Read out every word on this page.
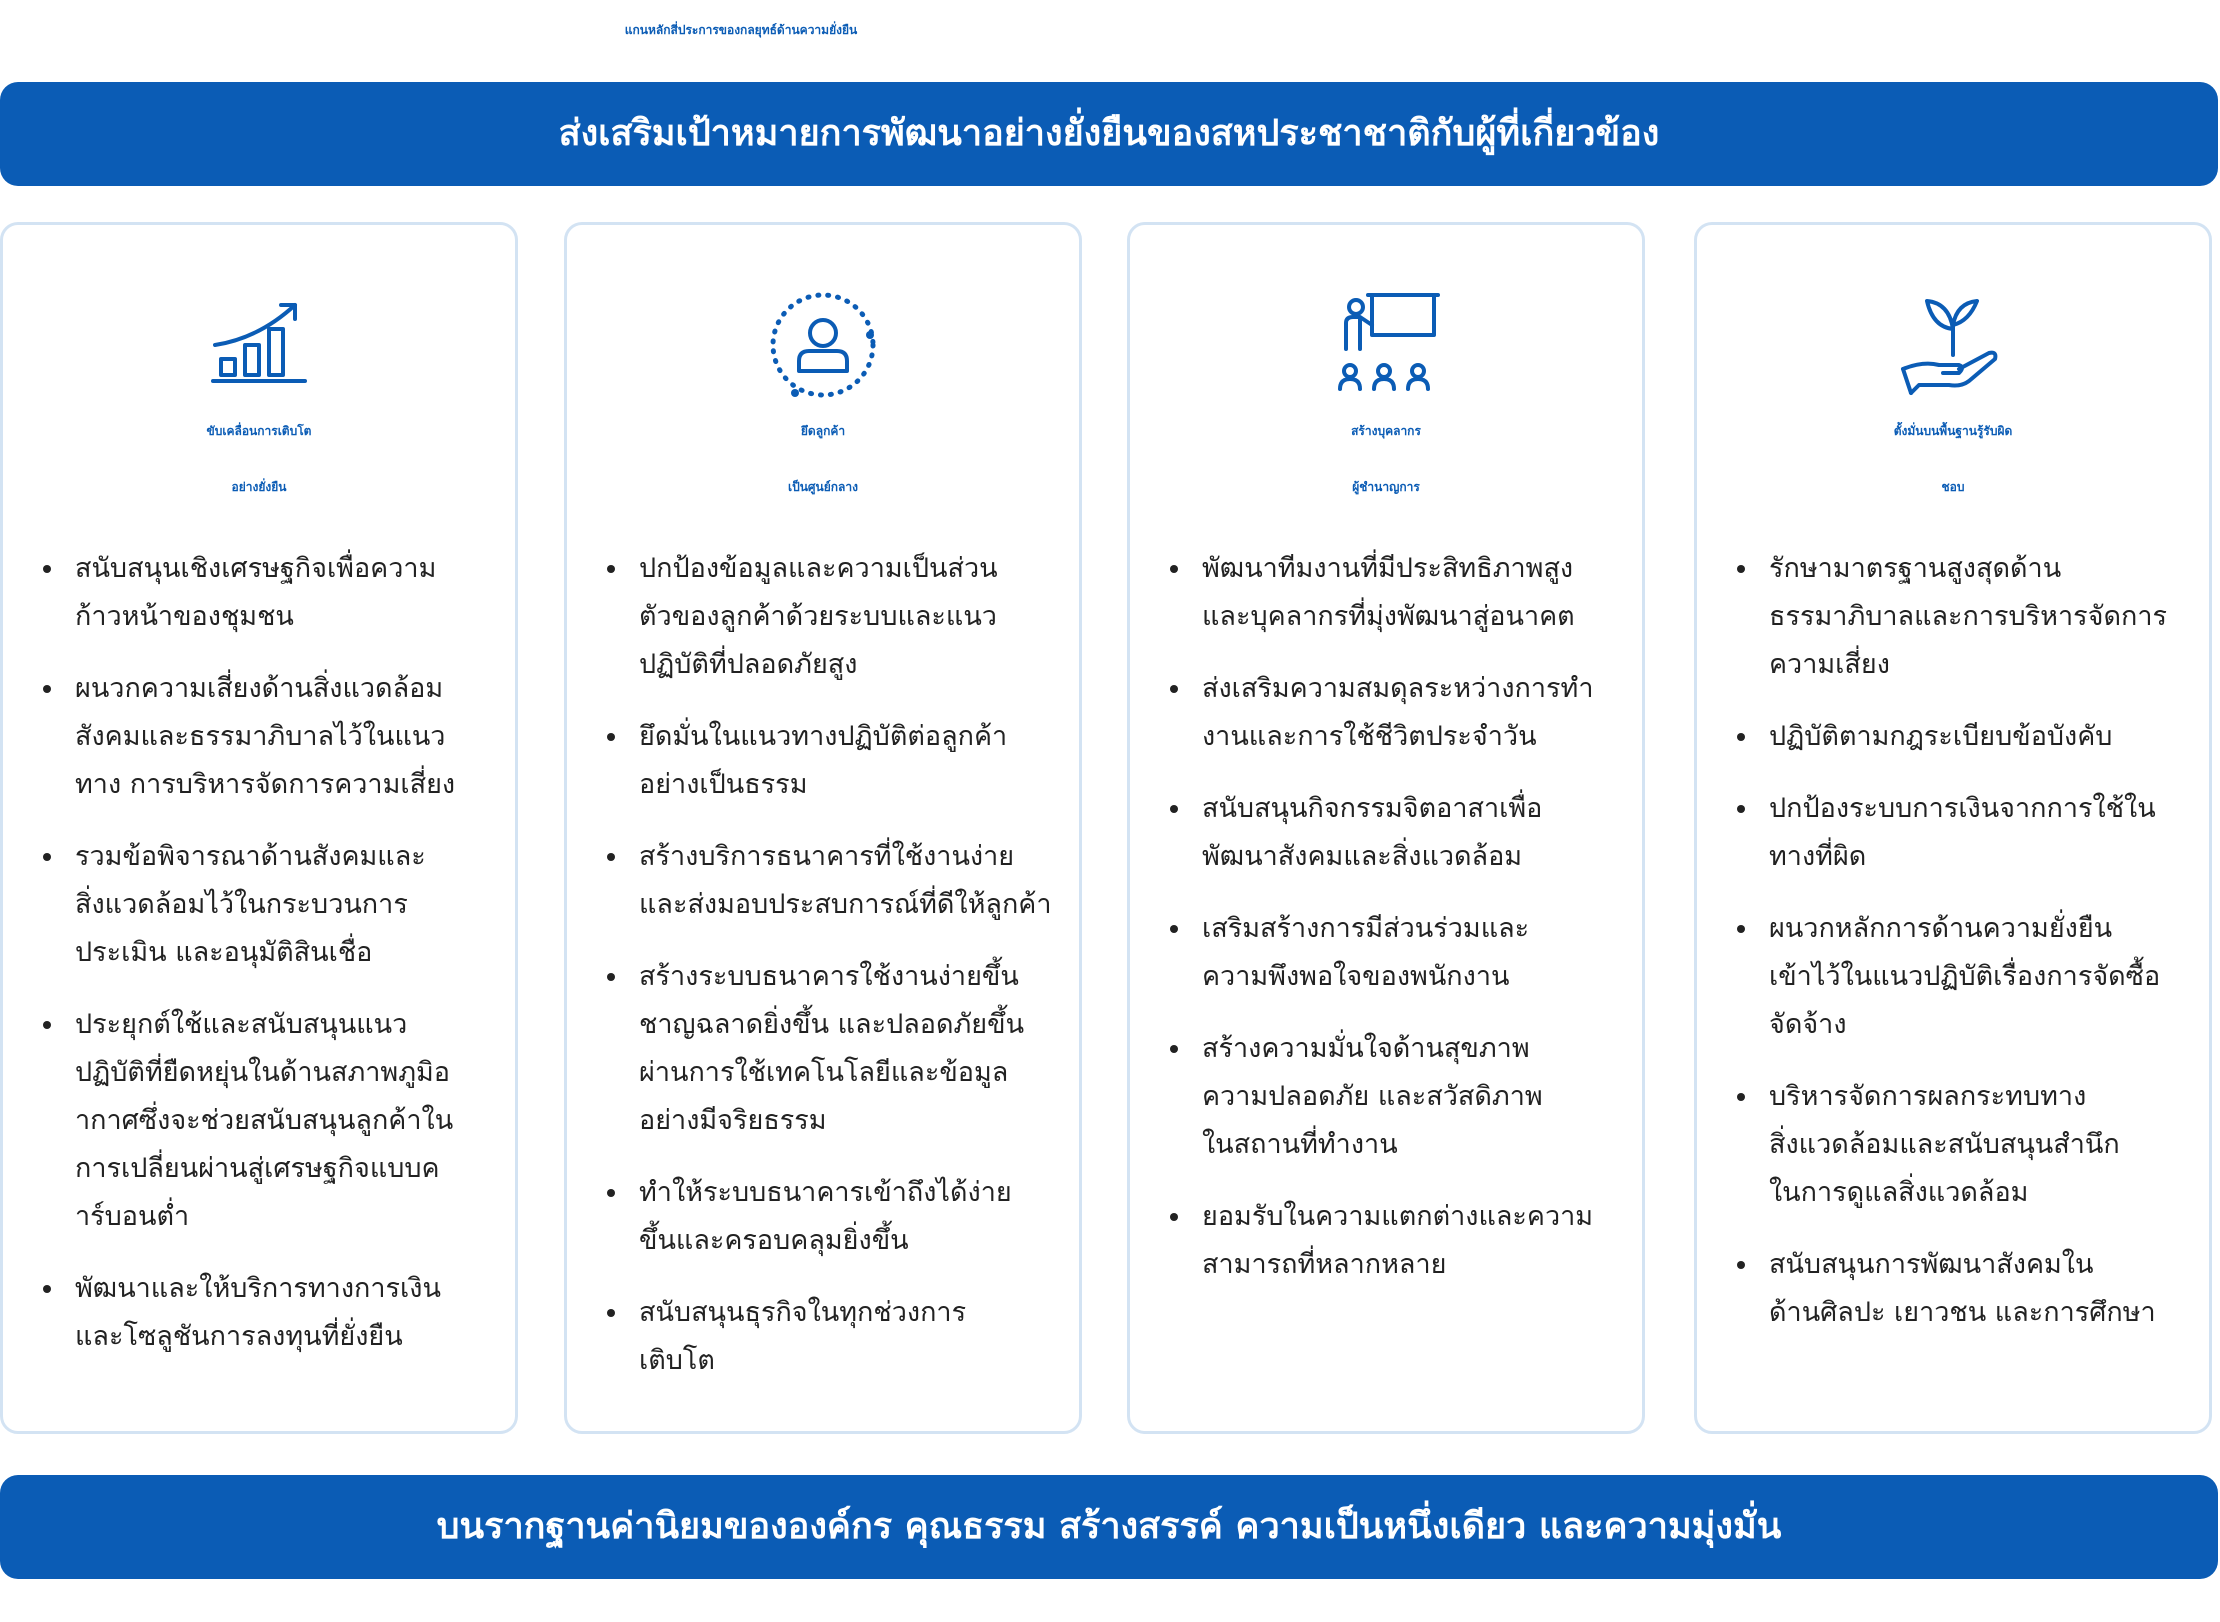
แกนหลักสี่ประการของกลยุทธ์ด้านความยั่งยืน
ส่งเสริมเป้าหมายการพัฒนาอย่างยั่งยืนของสหประชาชาติกับผู้ที่เกี่ยวข้อง
ขับเคลื่อนการเติบโต
อย่างยั่งยืน
สนับสนุนเชิงเศรษฐกิจเพื่อความ
ก้าวหน้าของชุมชน
ผนวกความเสี่ยงด้านสิ่งแวดล้อม
สังคมและธรรมาภิบาลไว้ในแนว
ทาง การบริหารจัดการความเสี่ยง
รวมข้อพิจารณาด้านสังคมและ
สิ่งแวดล้อมไว้ในกระบวนการ
ประเมิน และอนุมัติสินเชื่อ
ประยุกต์ใช้และสนับสนุนแนว
ปฏิบัติที่ยืดหยุ่นในด้านสภาพภูมิอ
ากาศซึ่งจะช่วยสนับสนุนลูกค้าใน
การเปลี่ยนผ่านสู่เศรษฐกิจแบบค
าร์บอนต่ำ
พัฒนาและให้บริการทางการเงิน
และโซลูชันการลงทุนที่ยั่งยืน
ยึดลูกค้า
เป็นศูนย์กลาง
ปกป้องข้อมูลและความเป็นส่วน
ตัวของลูกค้าด้วยระบบและแนว
ปฏิบัติที่ปลอดภัยสูง
ยึดมั่นในแนวทางปฏิบัติต่อลูกค้า
อย่างเป็นธรรม
สร้างบริการธนาคารที่ใช้งานง่าย
และส่งมอบประสบการณ์ที่ดีให้ลูกค้า
สร้างระบบธนาคารใช้งานง่ายขึ้น
ชาญฉลาดยิ่งขึ้น และปลอดภัยขึ้น
ผ่านการใช้เทคโนโลยีและข้อมูล
อย่างมีจริยธรรม
ทำให้ระบบธนาคารเข้าถึงได้ง่าย
ขึ้นและครอบคลุมยิ่งขึ้น
สนับสนุนธุรกิจในทุกช่วงการ
เติบโต
สร้างบุคลากร
ผู้ชำนาญการ
พัฒนาทีมงานที่มีประสิทธิภาพสูง
และบุคลากรที่มุ่งพัฒนาสู่อนาคต
ส่งเสริมความสมดุลระหว่างการทำ
งานและการใช้ชีวิตประจำวัน
สนับสนุนกิจกรรมจิตอาสาเพื่อ
พัฒนาสังคมและสิ่งแวดล้อม
เสริมสร้างการมีส่วนร่วมและ
ความพึงพอใจของพนักงาน
สร้างความมั่นใจด้านสุขภาพ
ความปลอดภัย และสวัสดิภาพ
ในสถานที่ทำงาน
ยอมรับในความแตกต่างและความ
สามารถที่หลากหลาย
ตั้งมั่นบนพื้นฐานรู้รับผิด
ชอบ
รักษามาตรฐานสูงสุดด้าน
ธรรมาภิบาลและการบริหารจัดการ
ความเสี่ยง
ปฏิบัติตามกฎระเบียบข้อบังคับ
ปกป้องระบบการเงินจากการใช้ใน
ทางที่ผิด
ผนวกหลักการด้านความยั่งยืน
เข้าไว้ในแนวปฏิบัติเรื่องการจัดซื้อ
จัดจ้าง
บริหารจัดการผลกระทบทาง
สิ่งแวดล้อมและสนับสนุนสำนึก
ในการดูแลสิ่งแวดล้อม
สนับสนุนการพัฒนาสังคมใน
ด้านศิลปะ เยาวชน และการศึกษา
บนรากฐานค่านิยมขององค์กร คุณธรรม สร้างสรรค์ ความเป็นหนึ่งเดียว และความมุ่งมั่น
